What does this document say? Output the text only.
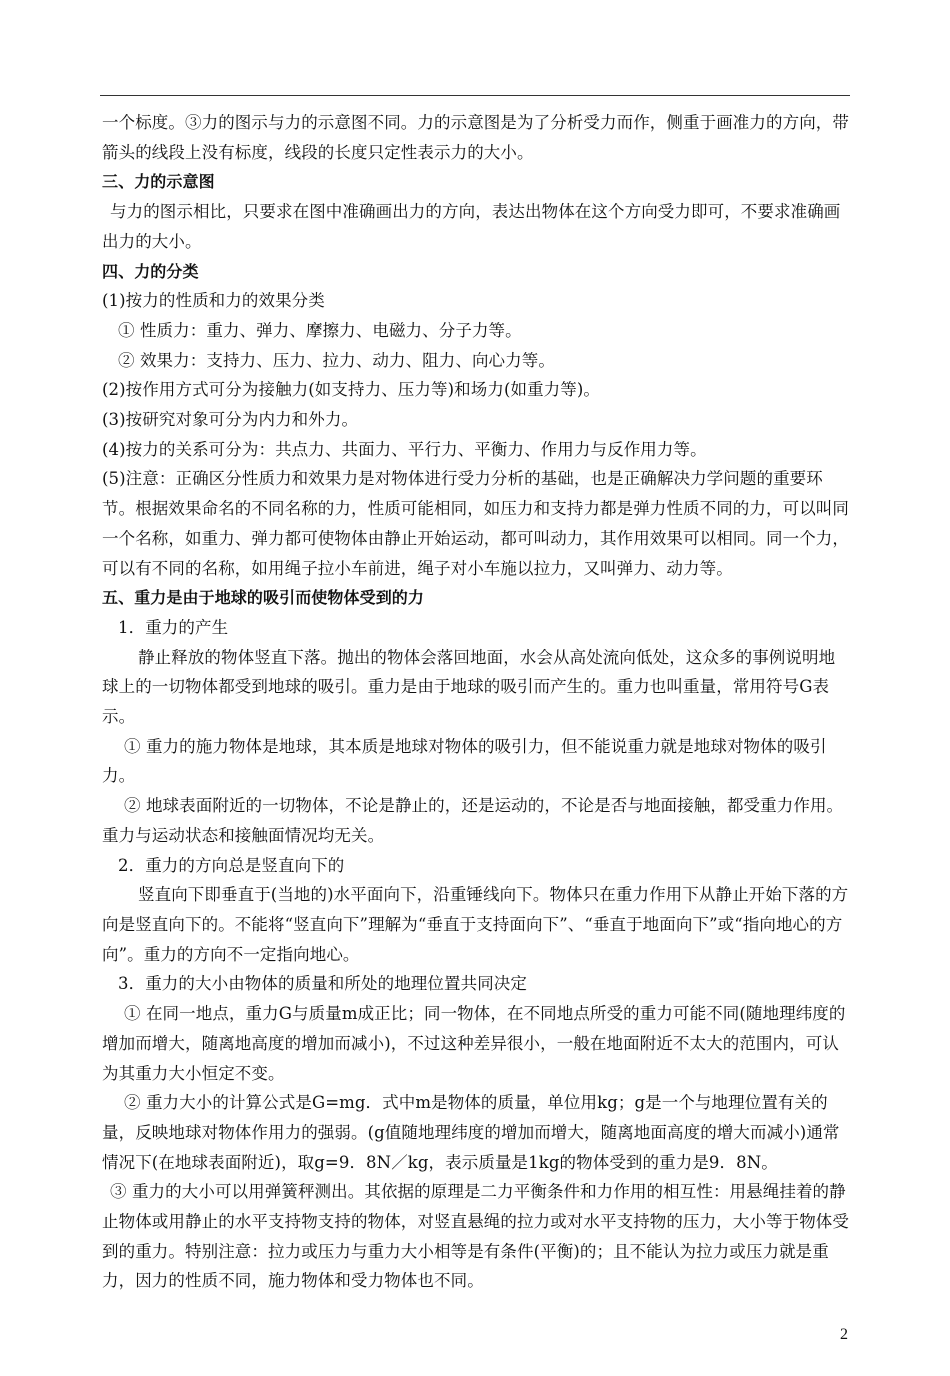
一个标度。③力的图示与力的示意图不同。力的示意图是为了分析受力而作，侧重于画准力的方向，带箭头的线段上没有标度，线段的长度只定性表示力的大小。

三、力的示意图

与力的图示相比，只要求在图中准确画出力的方向，表达出物体在这个方向受力即可，不要求准确画出力的大小。

四、力的分类

(1)按力的性质和力的效果分类

① 性质力：重力、弹力、摩擦力、电磁力、分子力等。

② 效果力：支持力、压力、拉力、动力、阻力、向心力等。

(2)按作用方式可分为接触力(如支持力、压力等)和场力(如重力等)。

(3)按研究对象可分为内力和外力。

(4)按力的关系可分为：共点力、共面力、平行力、平衡力、作用力与反作用力等。

(5)注意：正确区分性质力和效果力是对物体进行受力分析的基础，也是正确解决力学问题的重要环节。根据效果命名的不同名称的力，性质可能相同，如压力和支持力都是弹力性质不同的力，可以叫同一个名称，如重力、弹力都可使物体由静止开始运动，都可叫动力，其作用效果可以相同。同一个力，可以有不同的名称，如用绳子拉小车前进，绳子对小车施以拉力，又叫弹力、动力等。

五、重力是由于地球的吸引而使物体受到的力

1．重力的产生

静止释放的物体竖直下落。抛出的物体会落回地面，水会从高处流向低处，这众多的事例说明地球上的一切物体都受到地球的吸引。重力是由于地球的吸引而产生的。重力也叫重量，常用符号G表示。

① 重力的施力物体是地球，其本质是地球对物体的吸引力，但不能说重力就是地球对物体的吸引力。

② 地球表面附近的一切物体，不论是静止的，还是运动的，不论是否与地面接触，都受重力作用。重力与运动状态和接触面情况均无关。

2．重力的方向总是竖直向下的

竖直向下即垂直于(当地的)水平面向下，沿重锤线向下。物体只在重力作用下从静止开始下落的方向是竖直向下的。不能将“竖直向下”理解为“垂直于支持面向下”、“垂直于地面向下”或“指向地心的方向”。重力的方向不一定指向地心。

3．重力的大小由物体的质量和所处的地理位置共同决定

① 在同一地点，重力G与质量m成正比；同一物体，在不同地点所受的重力可能不同(随地理纬度的增加而增大，随离地高度的增加而减小)，不过这种差异很小，一般在地面附近不太大的范围内，可认为其重力大小恒定不变。

② 重力大小的计算公式是G=mg．式中m是物体的质量，单位用kg；g是一个与地理位置有关的量，反映地球对物体作用力的强弱。(g值随地理纬度的增加而增大，随离地面高度的增大而减小)通常情况下(在地球表面附近)，取g=9．8N／kg，表示质量是1kg的物体受到的重力是9．8N。

③ 重力的大小可以用弹簧秤测出。其依据的原理是二力平衡条件和力作用的相互性：用悬绳挂着的静止物体或用静止的水平支持物支持的物体，对竖直悬绳的拉力或对水平支持物的压力，大小等于物体受到的重力。特别注意：拉力或压力与重力大小相等是有条件(平衡)的；且不能认为拉力或压力就是重力，因力的性质不同，施力物体和受力物体也不同。

2
